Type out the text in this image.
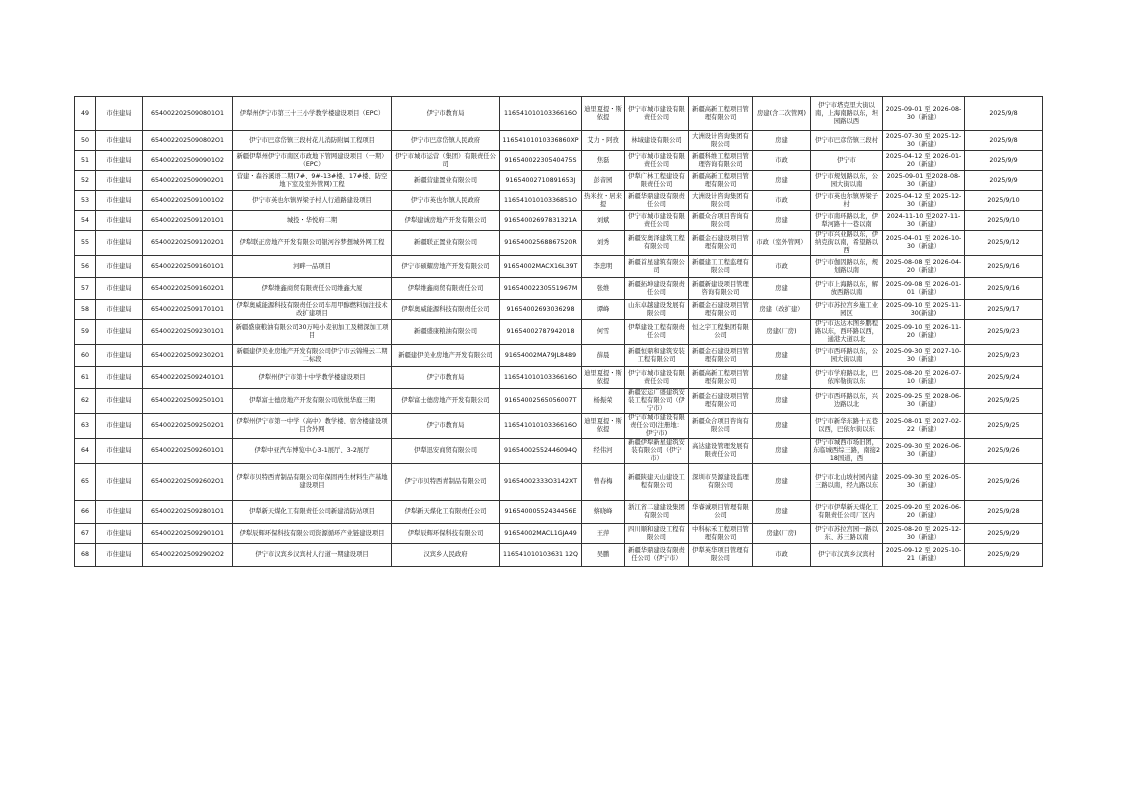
49	市住建局	6540022025090801O1	伊犁州伊宁市第三十三小学教学楼建设项目（EPC）	伊宁市教育局	11654101010336616O	迪里夏提・斯依提	伊宁市城市建设有限责任公司	新疆高新工程项目管理有限公司	房建(含二次管网)	伊宁市塔克里大街以南，上海南路以东，坦园路以西	2025-09-01 至 2026-08-30（新建）	2025/9/8
50	市住建局	6540022025090802O1	伊宁市巴彦岱镇三段村花儿消防附属工程项目	伊宁市巴彦岱镇人民政府	11654101010336860XP	艾力・阿孜	林域建设有限公司	大洲设计咨询集团有限公司	房建	伊宁市巴彦岱镇三段村	2025-07-30 至 2025-12-30（新建）	2025/9/8
51	市住建局	6540022025090901O2	新疆伊犁州伊宁市南区市政地下管网建设项目（一期）（EPC）	伊宁市城市运营（集团）有限责任公司	91654002230540475S	焦磊	伊宁市城市建设有限责任公司	新疆科维工程项目管理咨询有限公司	市政	伊宁市	2025-04-12 至 2026-01-20（新建）	2025/9/9
52	市住建局	6540022025090902O1	营建・森谷溪语二期(7#、9#-13#楼、17#楼、防空地下室及室外管网)工程	新疆营建置业有限公司	91654002710891653J	彭音园	伊犁广林工程建设有限责任公司	新疆高新工程项目管理有限公司	房建	伊宁市规划路以东，公园大街以南	2025-09-01 至2028-08-30（新建）	2025/9/9
53	市住建局	6540022025091001O2	伊宁市英也尔镇界梁子村人行道路建设项目	伊宁市英也尔镇人民政府	11654101010336851O	热米拉・居来提	新疆华鼎建设有限责任公司	大洲设计咨询集团有限公司	市政	伊宁市英也尔镇界梁子村	2025-04-12 至 2025-12-30（新建）	2025/9/10
54	市住建局	6540022025091201O1	城投・华悦府二期	伊犁建诚房地产开发有限公司	91654002697831321A	刘斌	伊宁市城市建设有限责任公司	新疆众合项目咨询有限公司	房建	伊宁市南环路以北，伊犁河路十一巷以南	2024-11-10 至2027-11-30（新建）	2025/9/10
55	市住建局	6540022025091202O1	伊犁联正房地产开发有限公司银河谷梦想城外网工程	新疆联正置业有限公司	91654002568867520R	刘秀	新疆安奥泽建筑工程有限公司	新疆金石建设项目管理有限公司	市政（室外管网）	伊宁市兴业路以东，伊纳克街以南，希望路以西	2025-04-01 至 2026-10-30（新建）	2025/9/12
56	市住建局	6540022025091601O1	河畔一品项目	伊宁市硕耀房地产开发有限公司	91654002MACX16L39T	李忠明	新疆首星建筑有限公司	新疆建工工程监理有限公司	市政	伊宁市伽因路以东，规划路以南	2025-08-08 至 2026-04-20（新建）	2025/9/16
57	市住建局	6540022025091602O1	伊犁维鑫商贸有限责任公司维鑫大厦	伊犁维鑫商贸有限责任公司	91654002230551967M	张维	新疆拓坤建设有限责任公司	新疆新建设项目管理咨询有限公司	房建	伊宁市上海路以东，解放西路以南	2025-09-08 至 2026-01-01（新建）	2025/9/16
58	市住建局	6540022025091701O1	伊犁奥威能源科技有限责任公司车用甲醇燃料加注技术改扩建项目	伊犁奥威能源科技有限责任公司	91654002693036298	谭峰	山东卓越建设发展有限公司	新疆金石建设项目管理有限公司	房建（改扩建）	伊宁市苏拉宫乡施工业园区	2025-09-10 至 2025-11-30(新建)	2025/9/17
59	市住建局	6540022025092301O1	新疆盛康粮油有限公司30万吨小麦初加工及精深加工项目	新疆盛康粮油有限公司	91654002787942018	何雪	伊犁建设工程有限责任公司	恒之宇工程集团有限公司	房建(厂房)	伊宁市达达木图乡鹏程路以东，西环路以西，通港大道以北	2025-09-10 至 2026-11-20（新建）	2025/9/23
60	市住建局	6540022025092302O1	新疆建伊美业房地产开发有限公司伊宁市云锦缦云二期二标段	新疆建伊美业房地产开发有限公司	91654002MA79JL8489	薛晨	新疆恒鼎和建筑安装工程有限公司	新疆金石建设项目管理有限公司	房建	伊宁市西环路以东，公园大街以南	2025-09-30 至 2027-10-30（新建）	2025/9/23
61	市住建局	6540022025092401O1	伊犁州伊宁市第十中学教学楼建设项目	伊宁市教育局	11654101010336616O	迪里夏提・斯依提	伊宁市城市建设有限责任公司	新疆高新工程项目管理有限公司	房建	伊宁市学府路以北，巴依库勒街以东	2025-08-20 至 2026-07-10（新建）	2025/9/24
62	市住建局	6540022025092501O1	伊犁富士德房地产开发有限公司欣悦华庭三期	伊犁富士德房地产开发有限公司	91654002565056007T	杨振荣	新疆宏运广盛建筑安装工程有限公司（伊宁市）	新疆金石建设项目管理有限公司	房建	伊宁市西环路以东，兴边路以北	2025-09-25 至 2028-06-30（新建）	2025/9/25
63	市住建局	6540022025092502O1	伊犁州伊宁市第一中学（高中）教学楼、宿舍楼建设项目含外网	伊宁市教育局	11654101010336616O	迪里夏提・斯依提	伊宁市城市建设有限责任公司(注册地：伊宁市)	新疆众合项目咨询有限公司	房建	伊宁市新华东路十五巷以西，巴依尔街以东	2025-08-01 至 2027-02-22（新建）	2025/9/25
64	市住建局	6540022025092601O1	伊犁中亚汽车博览中心3-1展厅、3-2展厅	伊犁迅安商贸有限公司	91654002552446094Q	经伟河	新疆伊犁新星建筑安装有限公司（伊宁市）	高达建设管理发展有限责任公司	房建	伊宁市城西市场旧团，东临城西综三路，南接218国道，西	2025-09-30 至 2026-06-30（新建）	2025/9/26
65	市住建局	6540022025092602O1	伊犁市贝特西青制品有限公司年保固再生材料生产基地建设项目	伊宁市贝特西青制品有限公司	91654002333O3142XT	曾春梅	新疆陕建天山建设工程有限公司	深圳市昊源建设监理有限公司	房建	伊宁市北山坡村园内建三路以南，经九路以东	2025-09-30 至 2026-05-30（新建）	2025/9/26
66	市住建局	6540022025092801O1	伊犁新天煤化工有限责任公司新建消防站项目	伊犁新天煤化工有限责任公司	91654000552434456E	蔡晓峰	浙江省二建建设集团有限公司	华睿诚项目管理有限公司	房建	伊宁市伊犁新天煤化工有限责任公司厂区内	2025-09-20 至 2026-06-20（新建）	2025/9/28
67	市住建局	6540022025092901O1	伊犁辰辉环保科技有限公司资源循环产业链建设项目	伊犁辰辉环保科技有限公司	91654002MACL1GJA49	王萍	四川顺和建设工程有限公司	中科标禾工程项目管理有限公司	房建(厂房)	伊宁市苏拉宫园一路以东、苏三路以南	2025-08-20 至 2025-12-30（新建）	2025/9/29
68	市住建局	6540022025092902O2	伊宁市汉宾乡汉宾村人行道一期建设项目	汉宾乡人民政府	116541010103631 12Q	吴鹏	新疆华鼎建设有限责任公司（伊宁市）	伊犁英华项目管理有限公司	市政	伊宁市汉宾乡汉宾村	2025-09-12 至 2025-10-21（新建）	2025/9/29
